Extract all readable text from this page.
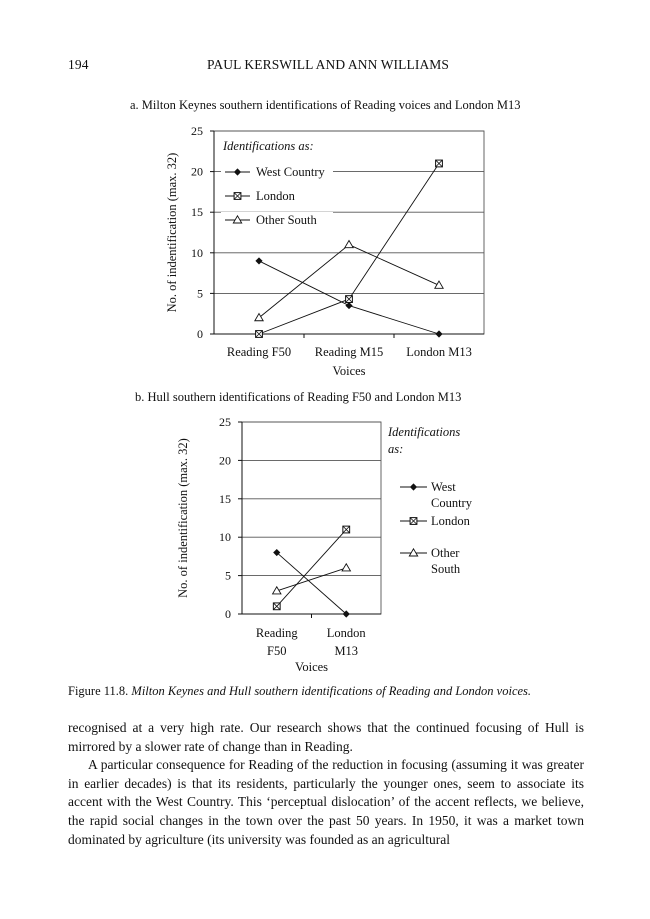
194	PAUL KERSWILL AND ANN WILLIAMS
a. Milton Keynes southern identifications of Reading voices and London M13
0
5
10
15
20
25
Reading F50 Reading M15 London M13
Voices
No. of indentification (max. 32)
Identifications as:
West Country
London
Other South
b. Hull southern identifications of Reading F50 and London M13
0
5
10
15
20
25
Reading F50
London M13
Voices
No. of indentification (max. 32)
Identifications
as:
West
Country
London
Other
South
Figure 11.8. Milton Keynes and Hull southern identifications of Reading and London voices.

recognised at a very high rate. Our research shows that the continued focusing of Hull is mirrored by a slower rate of change than in Reading.

A particular consequence for Reading of the reduction in focusing (assuming it was greater in earlier decades) is that its residents, particularly the younger ones, seem to associate its accent with the West Country. This ‘perceptual dislocation’ of the accent reflects, we believe, the rapid social changes in the town over the past 50 years. In 1950, it was a market town dominated by agriculture (its university was founded as an agricultural
